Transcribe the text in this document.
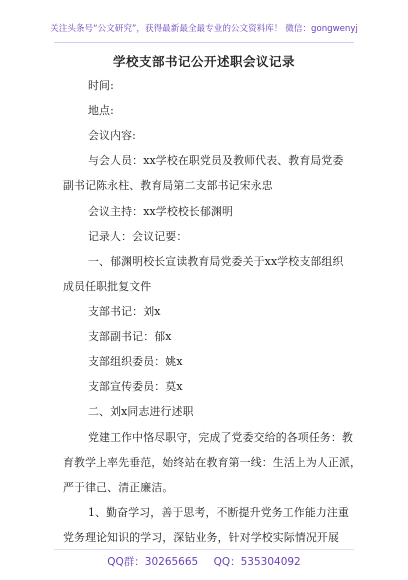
关注头条号“公文研究”，获得最新最全最专业的公文资料库！ 微信：gongwenyj
学校支部书记公开述职会议记录
时间:
地点:
会议内容:
与会人员：xx学校在职党员及教师代表、教育局党委
副书记陈永柱、教育局第二支部书记宋永忠
会议主持：xx学校校长郁渊明
记录人：会议记要：
一、郁渊明校长宣读教育局党委关于xx学校支部组织
成员任职批复文件
支部书记：刘x
支部副书记：郁x
支部组织委员：姚x
支部宣传委员：莫x
二、刘x同志进行述职
党建工作中恪尽职守，完成了党委交给的各项任务：教
育教学上率先垂范，始终站在教育第一线：生活上为人正派，
严于律己、清正廉洁。
1、勤奋学习，善于思考，不断提升党务工作能力注重
党务理论知识的学习，深钻业务，针对学校实际情况开展
QQ群：30265665 QQ：535304092
